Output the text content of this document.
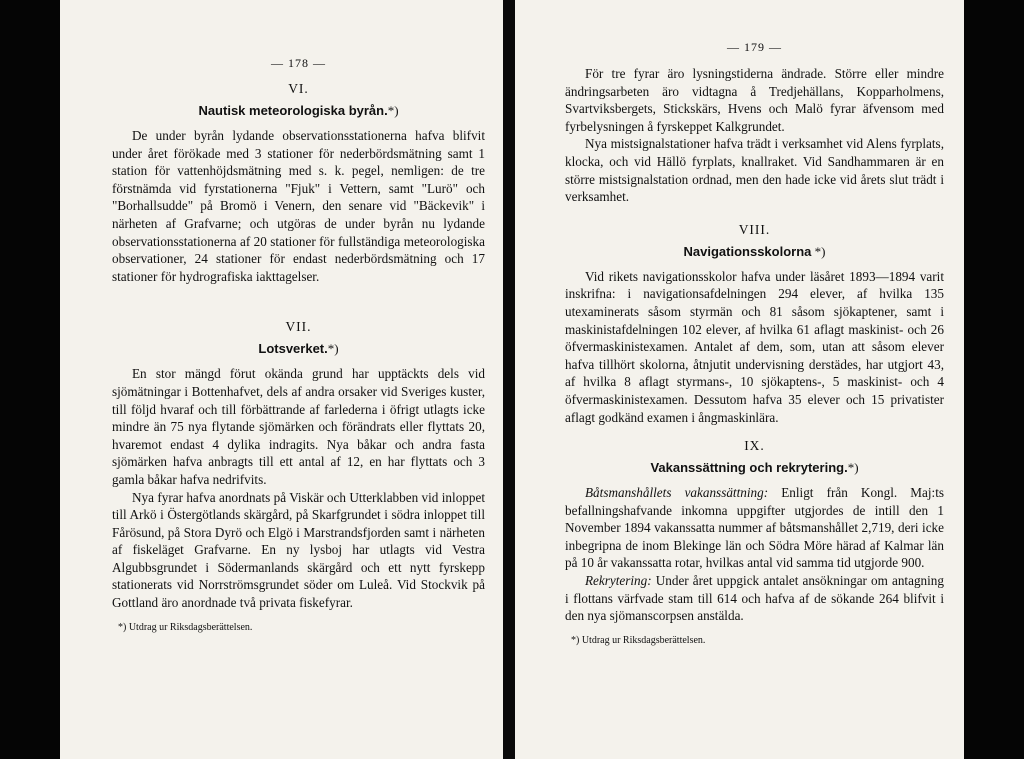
— 178 —
VI.
Nautisk meteorologiska byrån.*)

De under byrån lydande observationsstationerna hafva blifvit under året förökade med 3 stationer för nederbördsmätning samt 1 station för vattenhöjdsmätning med s. k. pegel, nemligen: de tre förstnämda vid fyrstationerna "Fjuk" i Vettern, samt "Lurö" och "Borhallsudde" på Bromö i Venern, den senare vid "Bäckevik" i närheten af Grafvarne; och utgöras de under byrån nu lydande observationsstationerna af 20 stationer för fullständiga meteorologiska observationer, 24 stationer för endast nederbördsmätning och 17 stationer för hydrografiska iakttagelser.

VII.
Lotsverket.*)

En stor mängd förut okända grund har upptäckts dels vid sjömätningar i Bottenhafvet, dels af andra orsaker vid Sveriges kuster, till följd hvaraf och till förbättrande af farlederna i öfrigt utlagts icke mindre än 75 nya flytande sjömärken och förändrats eller flyttats 20, hvaremot endast 4 dylika indragits. Nya båkar och andra fasta sjömärken hafva anbragts till ett antal af 12, en har flyttats och 3 gamla båkar hafva nedrifvits.

Nya fyrar hafva anordnats på Viskär och Utterklabben vid inloppet till Arkö i Östergötlands skärgård, på Skarfgrundet i södra inloppet till Fårösund, på Stora Dyrö och Elgö i Marstrandsfjorden samt i närheten af fiskeläget Grafvarne. En ny lysboj har utlagts vid Vestra Algubbsgrundet i Södermanlands skärgård och ett nytt fyrskepp stationerats vid Norrströmsgrundet söder om Luleå. Vid Stockvik på Gottland äro anordnade två privata fiskefyrar.

*) Utdrag ur Riksdagsberättelsen.
— 179 —

För tre fyrar äro lysningstiderna ändrade. Större eller mindre ändringsarbeten äro vidtagna å Tredjehällans, Kopparholmens, Svartviksbergets, Stickskärs, Hvens och Malö fyrar äfvensom med fyrbelysningen å fyrskeppet Kalkgrundet.

Nya mistsignalstationer hafva trädt i verksamhet vid Alens fyrplats, klocka, och vid Hällö fyrplats, knallraket. Vid Sandhammaren är en större mistsignalstation ordnad, men den hade icke vid årets slut trädt i verksamhet.

VIII.
Navigationsskolorna *)

Vid rikets navigationsskolor hafva under läsåret 1893—1894 varit inskrifna: i navigationsafdelningen 294 elever, af hvilka 135 utexaminerats såsom styrmän och 81 såsom sjökaptener, samt i maskinistafdelningen 102 elever, af hvilka 61 aflagt maskinist- och 26 öfvermaskinistexamen. Antalet af dem, som, utan att såsom elever hafva tillhört skolorna, åtnjutit undervisning derstädes, har utgjort 43, af hvilka 8 aflagt styrmans-, 10 sjökaptens-, 5 maskinist- och 4 öfvermaskinistexamen. Dessutom hafva 35 elever och 15 privatister aflagt godkänd examen i ångmaskinlära.

IX.
Vakanssättning och rekrytering.*)

Båtsmanshållets vakanssättning: Enligt från Kongl. Maj:ts befallningshafvande inkomna uppgifter utgjordes de intill den 1 November 1894 vakanssatta nummer af båtsmanshållet 2,719, deri icke inbegripna de inom Blekinge län och Södra Möre härad af Kalmar län på 10 år vakanssatta rotar, hvilkas antal vid samma tid utgjorde 900.

Rekrytering: Under året uppgick antalet ansökningar om antagning i flottans värfvade stam till 614 och hafva af de sökande 264 blifvit i den nya sjömanscorpsen anstälda.

*) Utdrag ur Riksdagsberättelsen.
